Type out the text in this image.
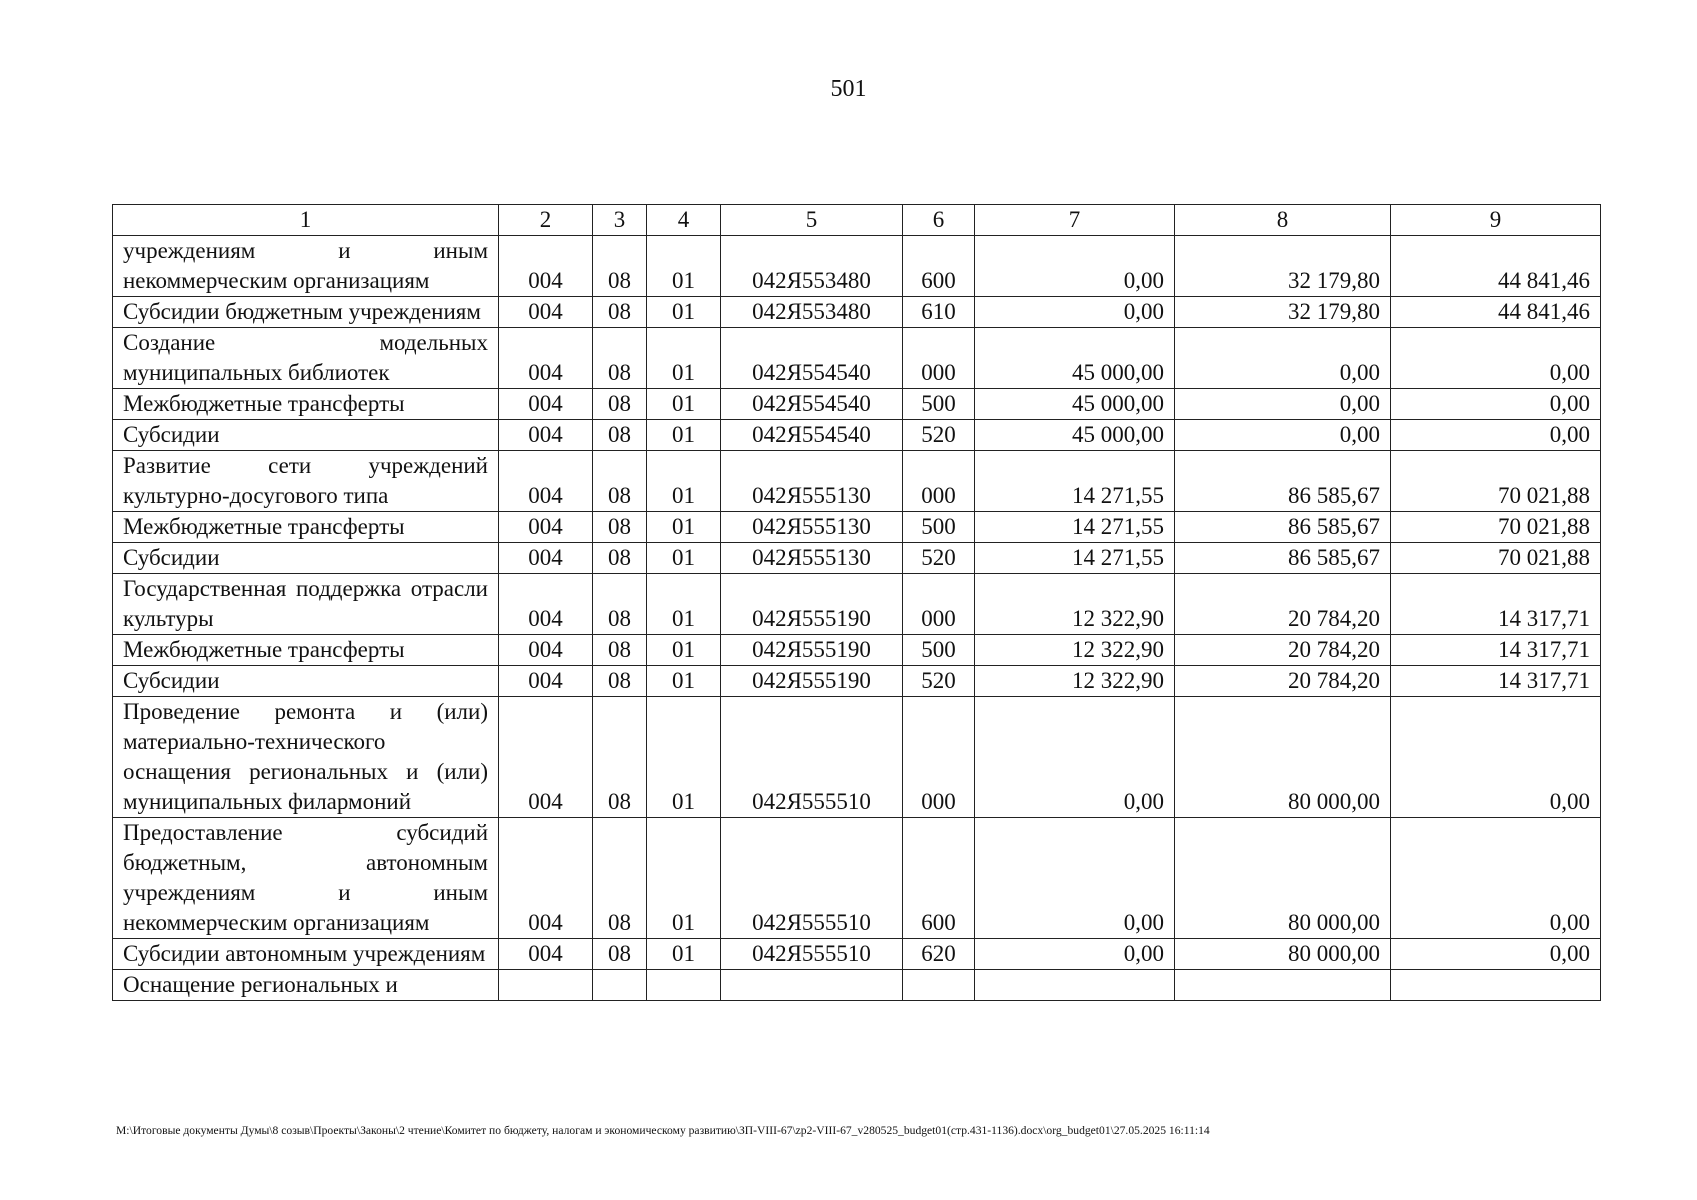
501
1	2	3	4	5	6	7	8	9
учреждениям и иным некоммерческим организациям	004	08	01	042Я553480	600	0,00	32 179,80	44 841,46
Субсидии бюджетным учреждениям	004	08	01	042Я553480	610	0,00	32 179,80	44 841,46
Создание модельных муниципальных библиотек	004	08	01	042Я554540	000	45 000,00	0,00	0,00
Межбюджетные трансферты	004	08	01	042Я554540	500	45 000,00	0,00	0,00
Субсидии	004	08	01	042Я554540	520	45 000,00	0,00	0,00
Развитие сети учреждений культурно-досугового типа	004	08	01	042Я555130	000	14 271,55	86 585,67	70 021,88
Межбюджетные трансферты	004	08	01	042Я555130	500	14 271,55	86 585,67	70 021,88
Субсидии	004	08	01	042Я555130	520	14 271,55	86 585,67	70 021,88
Государственная поддержка отрасли культуры	004	08	01	042Я555190	000	12 322,90	20 784,20	14 317,71
Межбюджетные трансферты	004	08	01	042Я555190	500	12 322,90	20 784,20	14 317,71
Субсидии	004	08	01	042Я555190	520	12 322,90	20 784,20	14 317,71
Проведение ремонта и (или) материально-технического оснащения региональных и (или) муниципальных филармоний	004	08	01	042Я555510	000	0,00	80 000,00	0,00
Предоставление субсидий бюджетным, автономным учреждениям и иным некоммерческим организациям	004	08	01	042Я555510	600	0,00	80 000,00	0,00
Субсидии автономным учреждениям	004	08	01	042Я555510	620	0,00	80 000,00	0,00
Оснащение региональных и								
M:\Итоговые документы Думы\8 созыв\Проекты\Законы\2 чтение\Комитет по бюджету, налогам и экономическому развитию\ЗП-VIII-67\zp2-VIII-67_v280525_budget01(стр.431-1136).docx\org_budget01\27.05.2025 16:11:14
